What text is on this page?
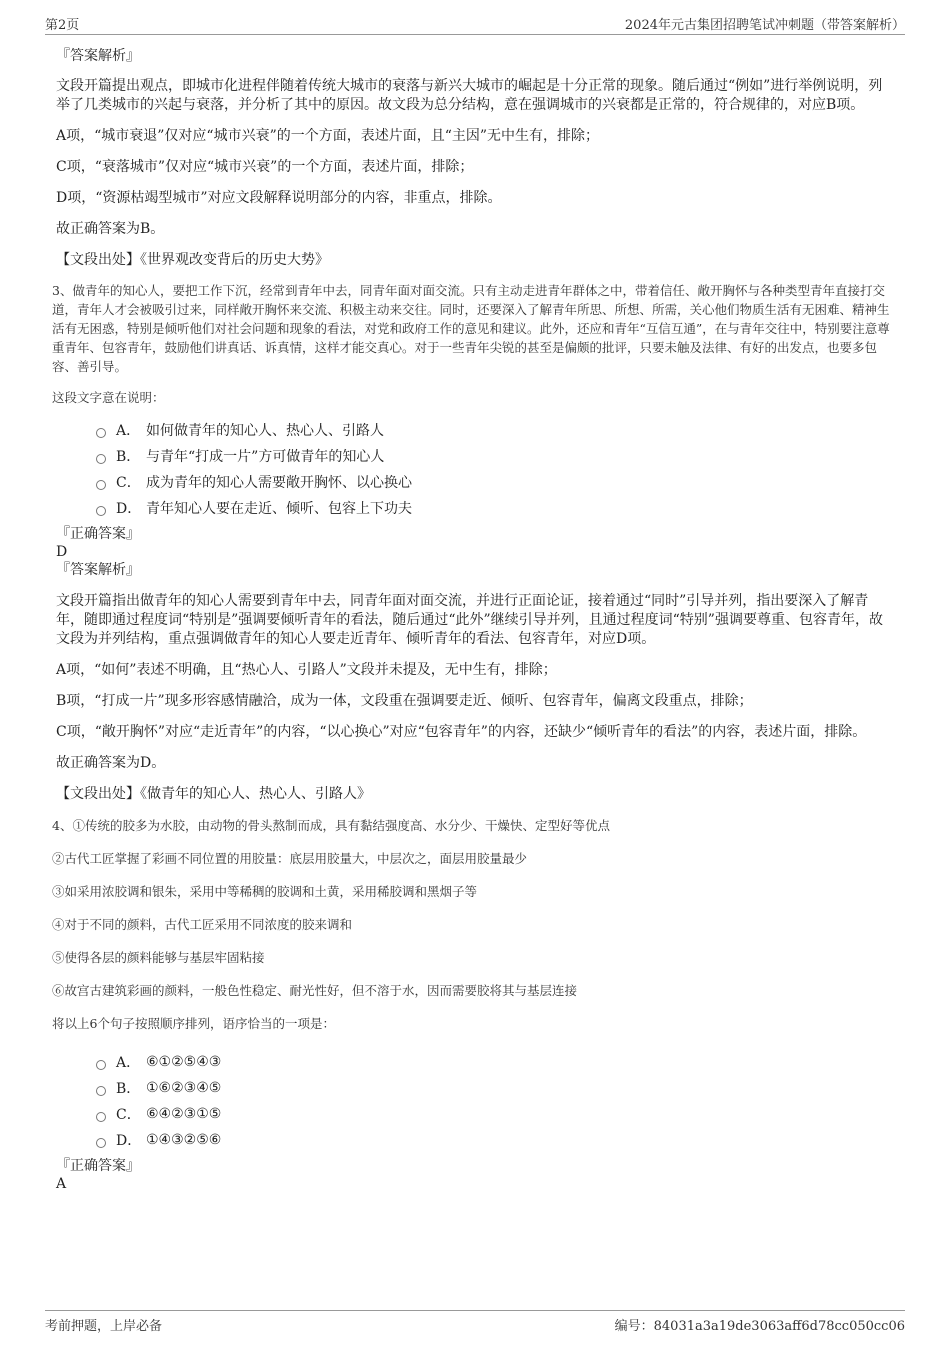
第2页	2024年元古集团招聘笔试冲刺题（带答案解析）

『答案解析』

文段开篇提出观点，即城市化进程伴随着传统大城市的衰落与新兴大城市的崛起是十分正常的现象。随后通过“例如”进行举例说明，列举了几类城市的兴起与衰落，并分析了其中的原因。故文段为总分结构，意在强调城市的兴衰都是正常的，符合规律的，对应B项。

A项，“城市衰退”仅对应“城市兴衰”的一个方面，表述片面，且“主因”无中生有，排除；

C项，“衰落城市”仅对应“城市兴衰”的一个方面，表述片面，排除；

D项，“资源枯竭型城市”对应文段解释说明部分的内容，非重点，排除。

故正确答案为B。

【文段出处】《世界观改变背后的历史大势》

3、做青年的知心人，要把工作下沉，经常到青年中去，同青年面对面交流。只有主动走进青年群体之中，带着信任、敞开胸怀与各种类型青年直接打交道，青年人才会被吸引过来，同样敞开胸怀来交流、积极主动来交往。同时，还要深入了解青年所思、所想、所需，关心他们物质生活有无困难、精神生活有无困惑，特别是倾听他们对社会问题和现象的看法，对党和政府工作的意见和建议。此外，还应和青年“互信互通”，在与青年交往中，特别要注意尊重青年、包容青年，鼓励他们讲真话、诉真情，这样才能交真心。对于一些青年尖锐的甚至是偏颇的批评，只要未触及法律、有好的出发点，也要多包容、善引导。

这段文字意在说明：

A． 如何做青年的知心人、热心人、引路人
B． 与青年“打成一片”方可做青年的知心人
C． 成为青年的知心人需要敞开胸怀、以心换心
D． 青年知心人要在走近、倾听、包容上下功夫

『正确答案』

D

『答案解析』

文段开篇指出做青年的知心人需要到青年中去，同青年面对面交流，并进行正面论证，接着通过“同时”引导并列，指出要深入了解青年，随即通过程度词“特别是”强调要倾听青年的看法，随后通过“此外”继续引导并列，且通过程度词“特别”强调要尊重、包容青年，故文段为并列结构，重点强调做青年的知心人要走近青年、倾听青年的看法、包容青年，对应D项。

A项，“如何”表述不明确，且“热心人、引路人”文段并未提及，无中生有，排除；

B项，“打成一片”现多形容感情融洽，成为一体，文段重在强调要走近、倾听、包容青年，偏离文段重点，排除；

C项，“敞开胸怀”对应“走近青年”的内容，“以心换心”对应“包容青年”的内容，还缺少“倾听青年的看法”的内容，表述片面，排除。

故正确答案为D。

【文段出处】《做青年的知心人、热心人、引路人》

4、①传统的胶多为水胶，由动物的骨头熬制而成，具有黏结强度高、水分少、干燥快、定型好等优点

②古代工匠掌握了彩画不同位置的用胶量：底层用胶量大，中层次之，面层用胶量最少

③如采用浓胶调和银朱，采用中等稀稠的胶调和土黄，采用稀胶调和黑烟子等

④对于不同的颜料，古代工匠采用不同浓度的胶来调和

⑤使得各层的颜料能够与基层牢固粘接

⑥故宫古建筑彩画的颜料，一般色性稳定、耐光性好，但不溶于水，因而需要胶将其与基层连接

将以上6个句子按照顺序排列，语序恰当的一项是：

A． ⑥①②⑤④③
B． ①⑥②③④⑤
C． ⑥④②③①⑤
D． ①④③②⑤⑥

『正确答案』

A

考前押题，上岸必备	编号：84031a3a19de3063aff6d78cc050cc06
